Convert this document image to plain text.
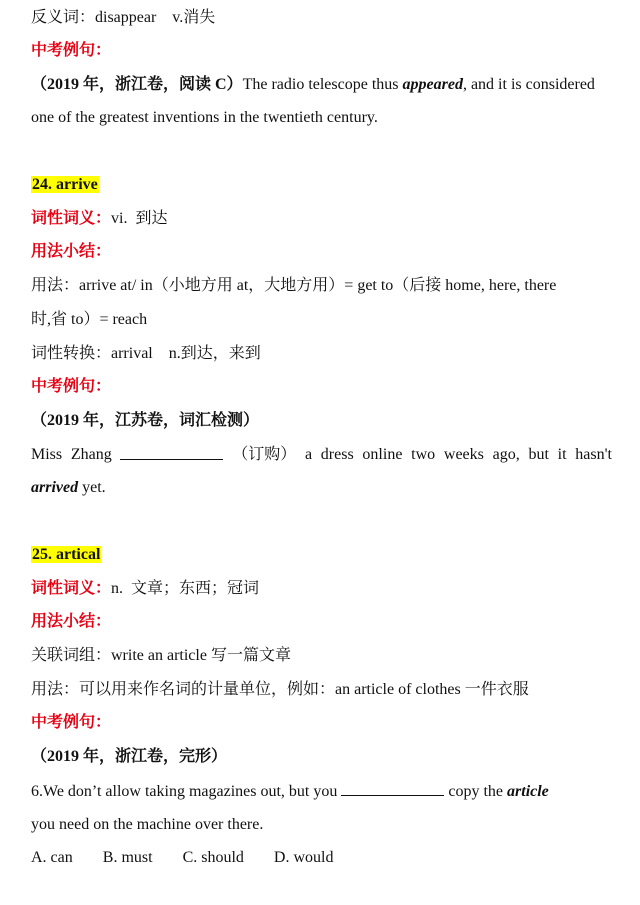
反义词：disappear　v.消失
中考例句：
（2019 年，浙江卷，阅读 C）The radio telescope thus appeared, and it is considered
one of the greatest inventions in the twentieth century.
24. arrive
词性词义：vi.  到达
用法小结：
用法：arrive at/ in（小地方用 at，大地方用）= get to（后接 home, here, there
时,省 to）= reach
词性转换：arrival　n.到达，来到
中考例句：
（2019 年，江苏卷，词汇检测）
Miss Zhang	（订购） a dress online two weeks ago, but it hasn't
arrived yet.
25. artical
词性词义：n.  文章；东西；冠词
用法小结：
关联词组：write an article 写一篇文章
用法：可以用来作名词的计量单位，例如：an article of clothes 一件衣服
中考例句：
（2019 年，浙江卷，完形）
6.We don’t allow taking magazines out, but you	copy the article
you need on the machine over there.
A. can B. must C. should D. would
